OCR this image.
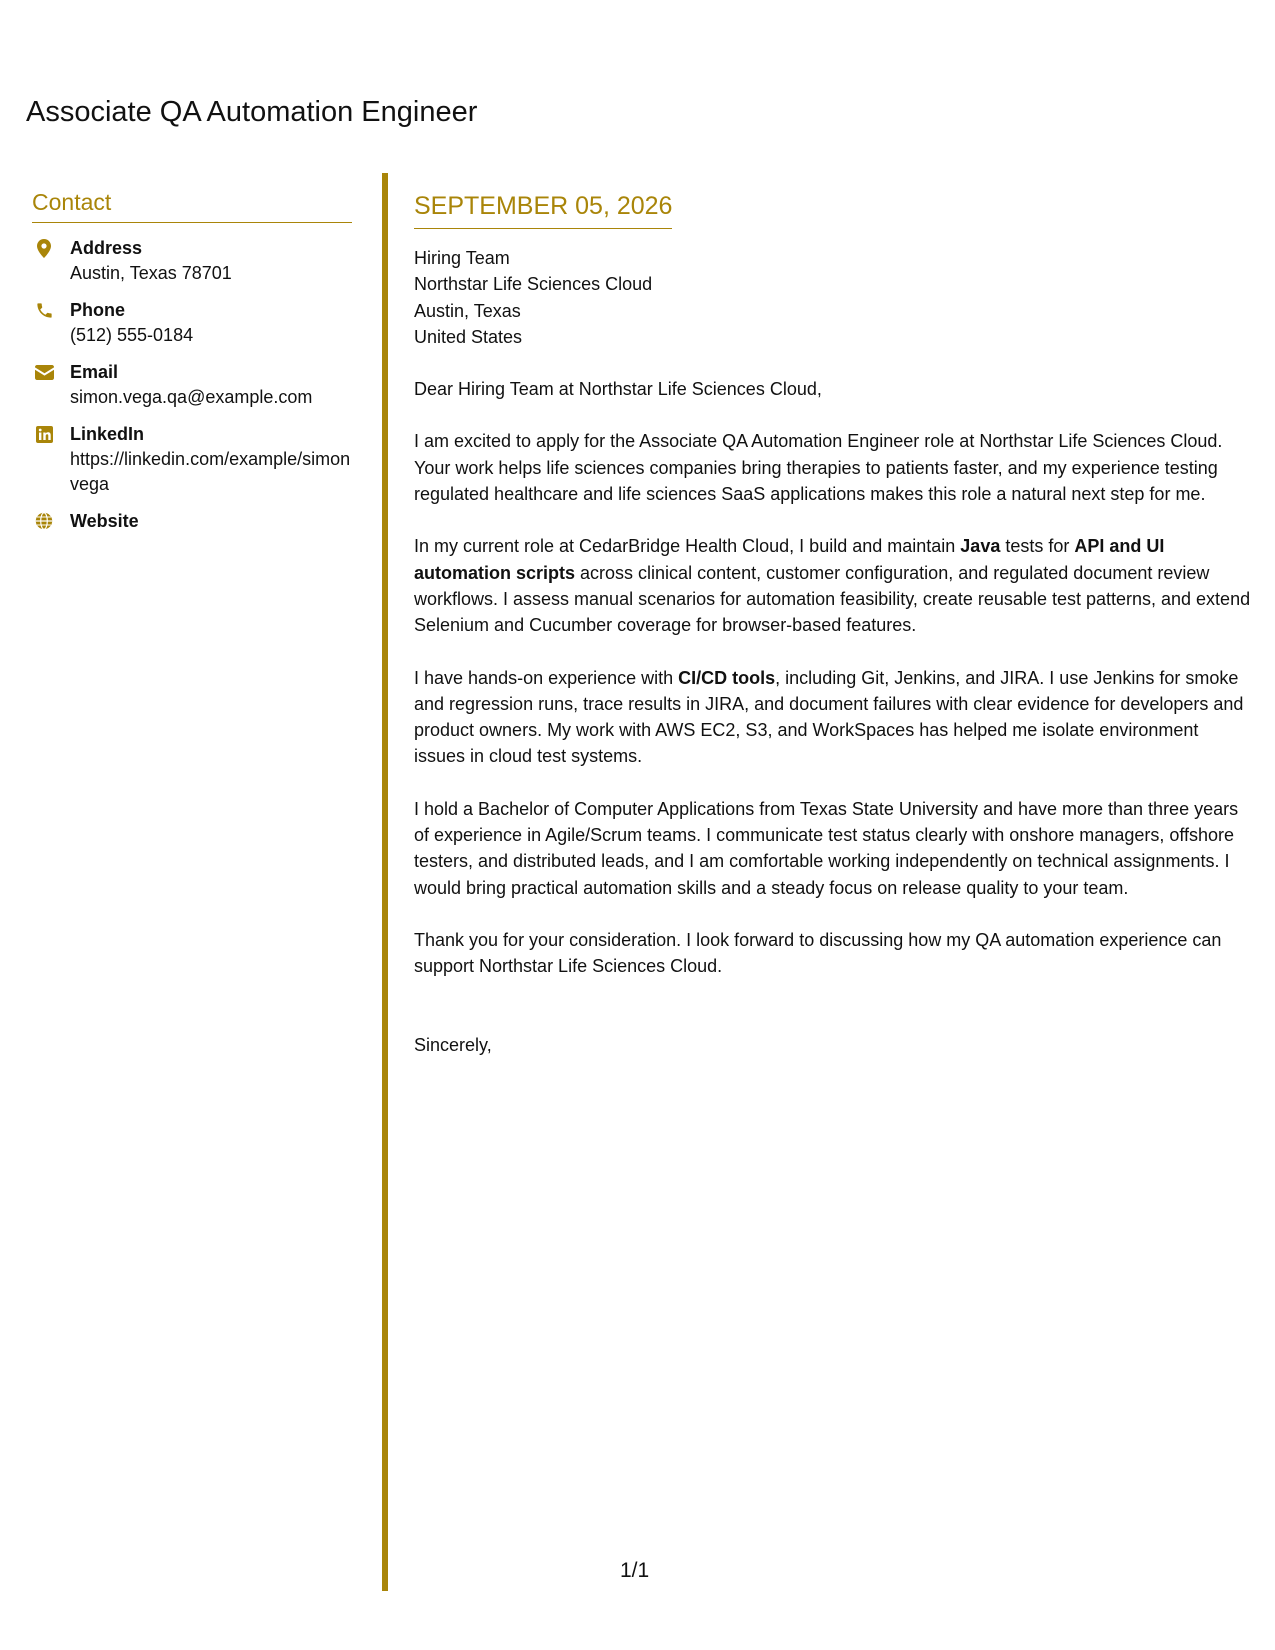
Associate QA Automation Engineer
Contact
Address
Austin, Texas 78701
Phone
(512) 555-0184
Email
simon.vega.qa@example.com
LinkedIn
https://linkedin.com/example/simonvega
Website
SEPTEMBER 05, 2026
Hiring Team
Northstar Life Sciences Cloud
Austin, Texas
United States

Dear Hiring Team at Northstar Life Sciences Cloud,

I am excited to apply for the Associate QA Automation Engineer role at Northstar Life Sciences Cloud. Your work helps life sciences companies bring therapies to patients faster, and my experience testing regulated healthcare and life sciences SaaS applications makes this role a natural next step for me.

In my current role at CedarBridge Health Cloud, I build and maintain Java tests for API and UI automation scripts across clinical content, customer configuration, and regulated document review workflows. I assess manual scenarios for automation feasibility, create reusable test patterns, and extend Selenium and Cucumber coverage for browser-based features.

I have hands-on experience with CI/CD tools, including Git, Jenkins, and JIRA. I use Jenkins for smoke and regression runs, trace results in JIRA, and document failures with clear evidence for developers and product owners. My work with AWS EC2, S3, and WorkSpaces has helped me isolate environment issues in cloud test systems.

I hold a Bachelor of Computer Applications from Texas State University and have more than three years of experience in Agile/Scrum teams. I communicate test status clearly with onshore managers, offshore testers, and distributed leads, and I am comfortable working independently on technical assignments. I would bring practical automation skills and a steady focus on release quality to your team.

Thank you for your consideration. I look forward to discussing how my QA automation experience can support Northstar Life Sciences Cloud.

Sincerely,

1/1
